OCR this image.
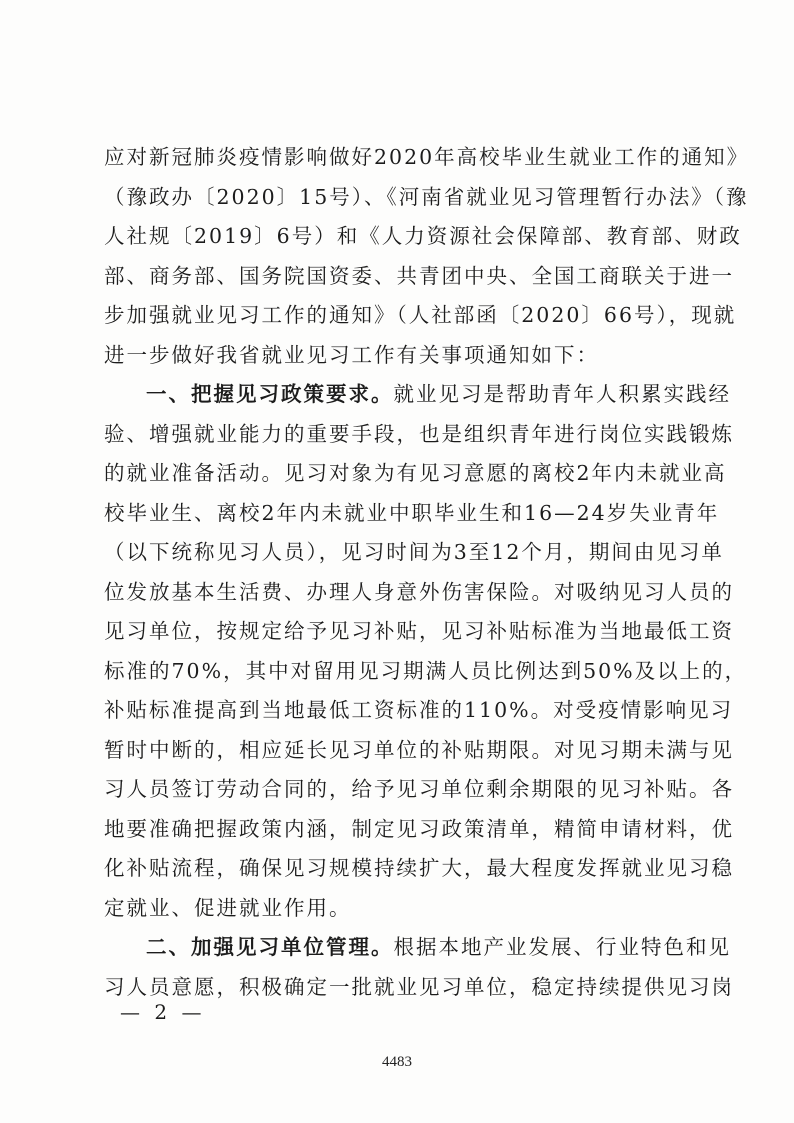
应对新冠肺炎疫情影响做好2020年高校毕业生就业工作的通知》
（豫政办〔2020〕15号）、《河南省就业见习管理暂行办法》（豫
人社规〔2019〕6号）和《人力资源社会保障部、教育部、财政
部、商务部、国务院国资委、共青团中央、全国工商联关于进一
步加强就业见习工作的通知》（人社部函〔2020〕66号），现就
进一步做好我省就业见习工作有关事项通知如下：
一、把握见习政策要求。就业见习是帮助青年人积累实践经
验、增强就业能力的重要手段，也是组织青年进行岗位实践锻炼
的就业准备活动。见习对象为有见习意愿的离校2年内未就业高
校毕业生、离校2年内未就业中职毕业生和16—24岁失业青年
（以下统称见习人员），见习时间为3至12个月，期间由见习单
位发放基本生活费、办理人身意外伤害保险。对吸纳见习人员的
见习单位，按规定给予见习补贴，见习补贴标准为当地最低工资
标准的70%，其中对留用见习期满人员比例达到50%及以上的，
补贴标准提高到当地最低工资标准的110%。对受疫情影响见习
暂时中断的，相应延长见习单位的补贴期限。对见习期未满与见
习人员签订劳动合同的，给予见习单位剩余期限的见习补贴。各
地要准确把握政策内涵，制定见习政策清单，精简申请材料，优
化补贴流程，确保见习规模持续扩大，最大程度发挥就业见习稳
定就业、促进就业作用。
二、加强见习单位管理。根据本地产业发展、行业特色和见
习人员意愿，积极确定一批就业见习单位，稳定持续提供见习岗
— 2 —
4483
